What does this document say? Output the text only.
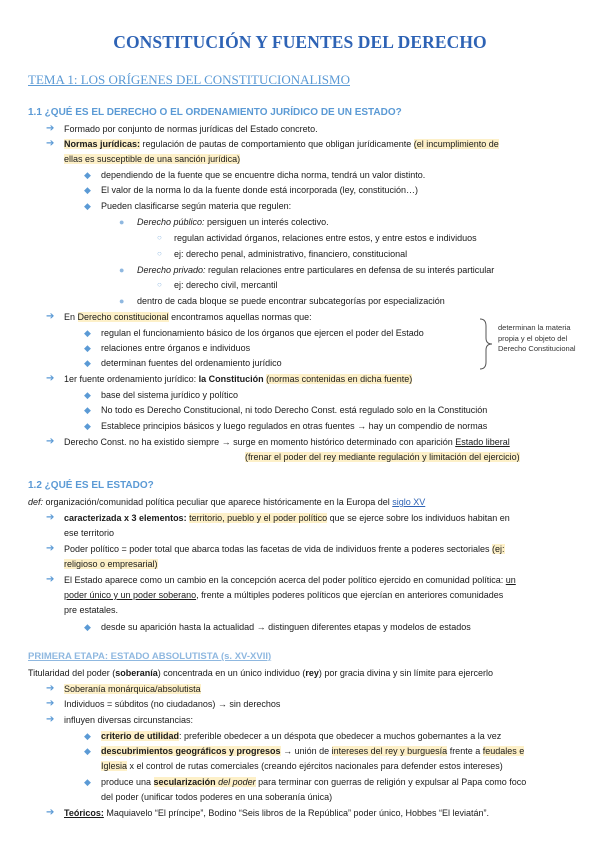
CONSTITUCIÓN Y FUENTES DEL DERECHO
TEMA 1: LOS ORÍGENES DEL CONSTITUCIONALISMO
1.1 ¿QUÉ ES EL DERECHO O EL ORDENAMIENTO JURÍDICO DE UN ESTADO?
➔ Formado por conjunto de normas jurídicas del Estado concreto.
➔ Normas jurídicas: regulación de pautas de comportamiento que obligan jurídicamente (el incumplimiento de
ellas es susceptible de una sanción jurídica)
◆ dependiendo de la fuente que se encuentre dicha norma, tendrá un valor distinto.
◆ El valor de la norma lo da la fuente donde está incorporada (ley, constitución…)
◆ Pueden clasificarse según materia que regulen:
● Derecho público: persiguen un interés colectivo.
○ regulan actividad órganos, relaciones entre estos, y entre estos e individuos
○ ej: derecho penal, administrativo, financiero, constitucional
● Derecho privado: regulan relaciones entre particulares en defensa de su interés particular
○ ej: derecho civil, mercantil
● dentro de cada bloque se puede encontrar subcategorías por especialización
➔ En Derecho constitucional encontramos aquellas normas que:
◆ regulan el funcionamiento básico de los órganos que ejercen el poder del Estado
◆ relaciones entre órganos e individuos
◆ determinan fuentes del ordenamiento jurídico
determinan la materia
propia y el objeto del
Derecho Constitucional
➔ 1er fuente ordenamiento jurídico: la Constitución (normas contenidas en dicha fuente)
◆ base del sistema jurídico y político
◆ No todo es Derecho Constitucional, ni todo Derecho Const. está regulado solo en la Constitución
◆ Establece principios básicos y luego regulados en otras fuentes → hay un compendio de normas
➔ Derecho Const. no ha existido siempre → surge en momento histórico determinado con aparición Estado liberal
(frenar el poder del rey mediante regulación y limitación del ejercicio)
1.2 ¿QUÉ ES EL ESTADO?
def: organización/comunidad política peculiar que aparece históricamente en la Europa del siglo XV
➔ caracterizada x 3 elementos: territorio, pueblo y el poder político que se ejerce sobre los individuos habitan en
ese territorio
➔ Poder político = poder total que abarca todas las facetas de vida de individuos frente a poderes sectoriales (ej:
religioso o empresarial)
➔ El Estado aparece como un cambio en la concepción acerca del poder político ejercido en comunidad política: un
poder único y un poder soberano, frente a múltiples poderes políticos que ejercían en anteriores comunidades
pre estatales.
◆ desde su aparición hasta la actualidad → distinguen diferentes etapas y modelos de estados
PRIMERA ETAPA: ESTADO ABSOLUTISTA (s. XV-XVII)
Titularidad del poder (soberanía) concentrada en un único individuo (rey) por gracia divina y sin límite para ejercerlo
➔ Soberanía monárquica/absolutista
➔ Individuos = súbditos (no ciudadanos) → sin derechos
➔ influyen diversas circunstancias:
◆ criterio de utilidad: preferible obedecer a un déspota que obedecer a muchos gobernantes a la vez
◆ descubrimientos geográficos y progresos → unión de intereses del rey y burguesía frente a feudales e
Iglesia x el control de rutas comerciales (creando ejércitos nacionales para defender estos intereses)
◆ produce una secularización del poder para terminar con guerras de religión y expulsar al Papa como foco
del poder (unificar todos poderes en una soberanía única)
➔ Teóricos: Maquiavelo “El príncipe”, Bodino “Seis libros de la República” poder único, Hobbes “El leviatán”.
